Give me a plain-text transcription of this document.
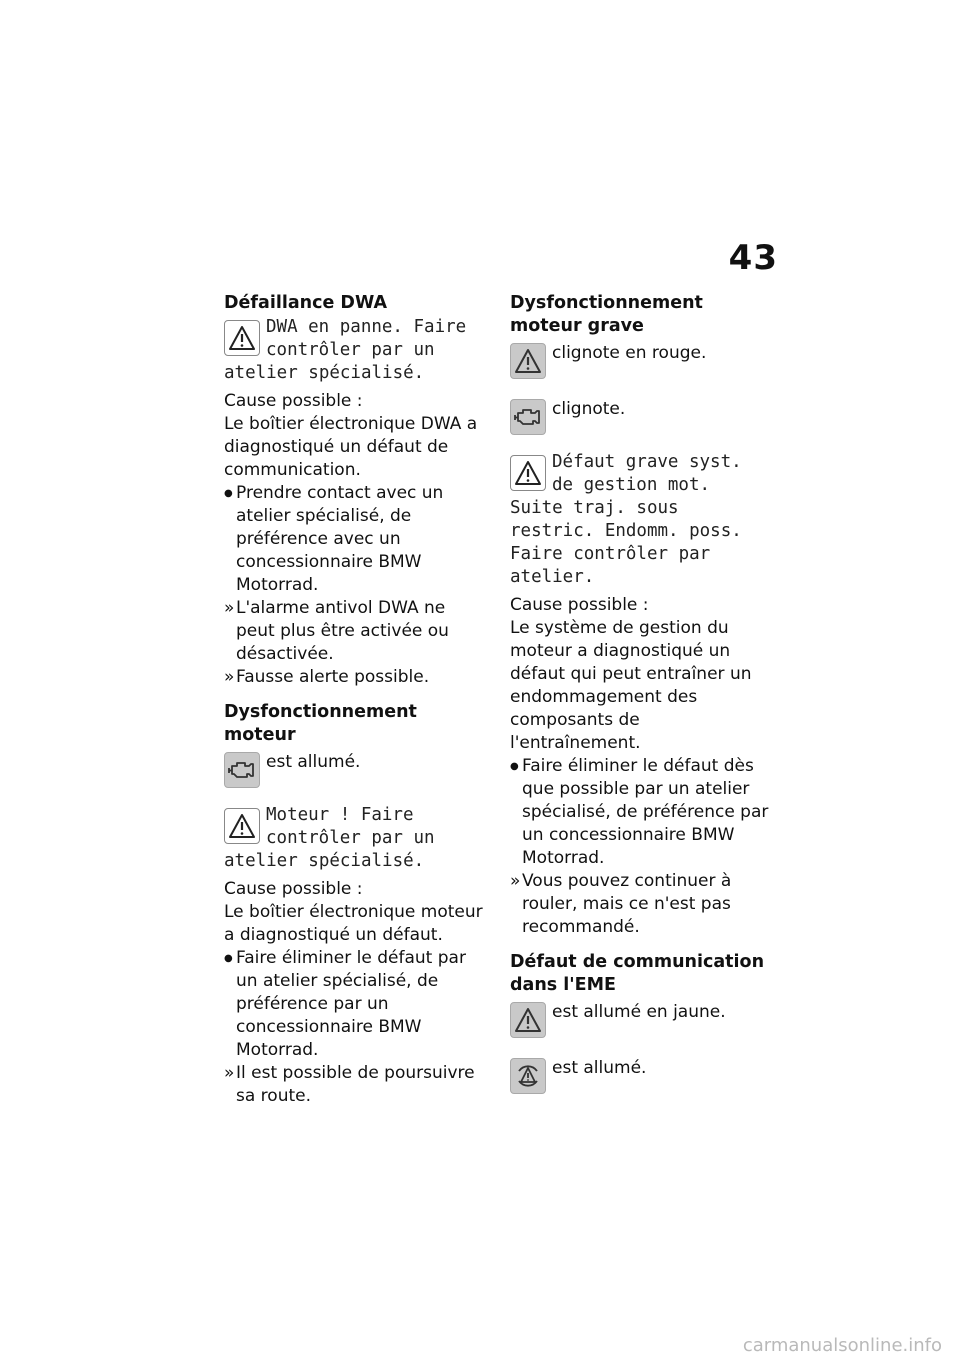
43
Défaillance DWA
DWA en panne. Faire contrôler par un atelier spécialisé.
Cause possible :
Le boîtier électronique DWA a diagnostiqué un défaut de communication.
● Prendre contact avec un atelier spécialisé, de préférence avec un concessionnaire BMW Motorrad.
» L'alarme antivol DWA ne peut plus être activée ou désactivée.
» Fausse alerte possible.
Dysfonctionnement moteur
est allumé.
Moteur ! Faire contrôler par un atelier spécialisé.
Cause possible :
Le boîtier électronique moteur a diagnostiqué un défaut.
● Faire éliminer le défaut par un atelier spécialisé, de préférence par un concessionnaire BMW Motorrad.
» Il est possible de poursuivre sa route.
Dysfonctionnement moteur grave
clignote en rouge.
clignote.
Défaut grave syst. de gestion mot. Suite traj. sous restric. Endomm. poss. Faire contrôler par atelier.
Cause possible :
Le système de gestion du moteur a diagnostiqué un défaut qui peut entraîner un endommagement des composants de l'entraînement.
● Faire éliminer le défaut dès que possible par un atelier spécialisé, de préférence par un concessionnaire BMW Motorrad.
» Vous pouvez continuer à rouler, mais ce n'est pas recommandé.
Défaut de communication dans l'EME
est allumé en jaune.
est allumé.
carmanualsonline.info
